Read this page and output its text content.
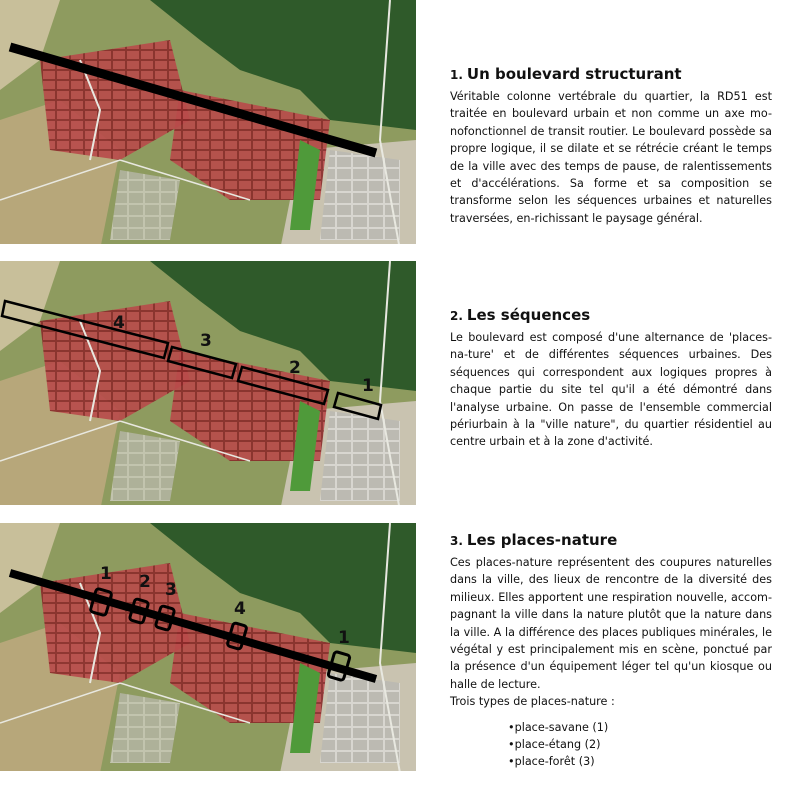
4
3
2
1
1 2 3
4
1
1. Un boulevard structurant

Véritable colonne vertébrale du quartier, la RD51 est traitée en boulevard urbain et non comme un axe mo-nofonctionnel de transit routier. Le boulevard possède sa propre logique, il se dilate et se rétrécie créant le temps de la ville avec des temps de pause, de ralentissements et d'accélérations. Sa forme et sa composition se transforme selon les séquences urbaines et naturelles traversées, en-richissant le paysage général.

2. Les séquences

Le boulevard est composé d'une alternance de 'places-na-ture' et de différentes séquences urbaines. Des séquences qui correspondent aux logiques propres à chaque partie du site tel qu'il a été démontré dans l'analyse urbaine. On passe de l'ensemble commercial périurbain à la "ville nature", du quartier résidentiel au centre urbain et à la zone d'activité.

3. Les places-nature

Ces places-nature représentent des coupures naturelles dans la ville, des lieux de rencontre de la diversité des milieux. Elles apportent une respiration nouvelle, accom-pagnant la ville dans la nature plutôt que la nature dans la ville. A la différence des places publiques minérales, le végétal y est principalement mis en scène, ponctué par la présence d'un équipement léger tel qu'un kiosque ou halle de lecture.

Trois types de places-nature :

• place-savane (1)
• place-étang (2)
• place-forêt (3)
